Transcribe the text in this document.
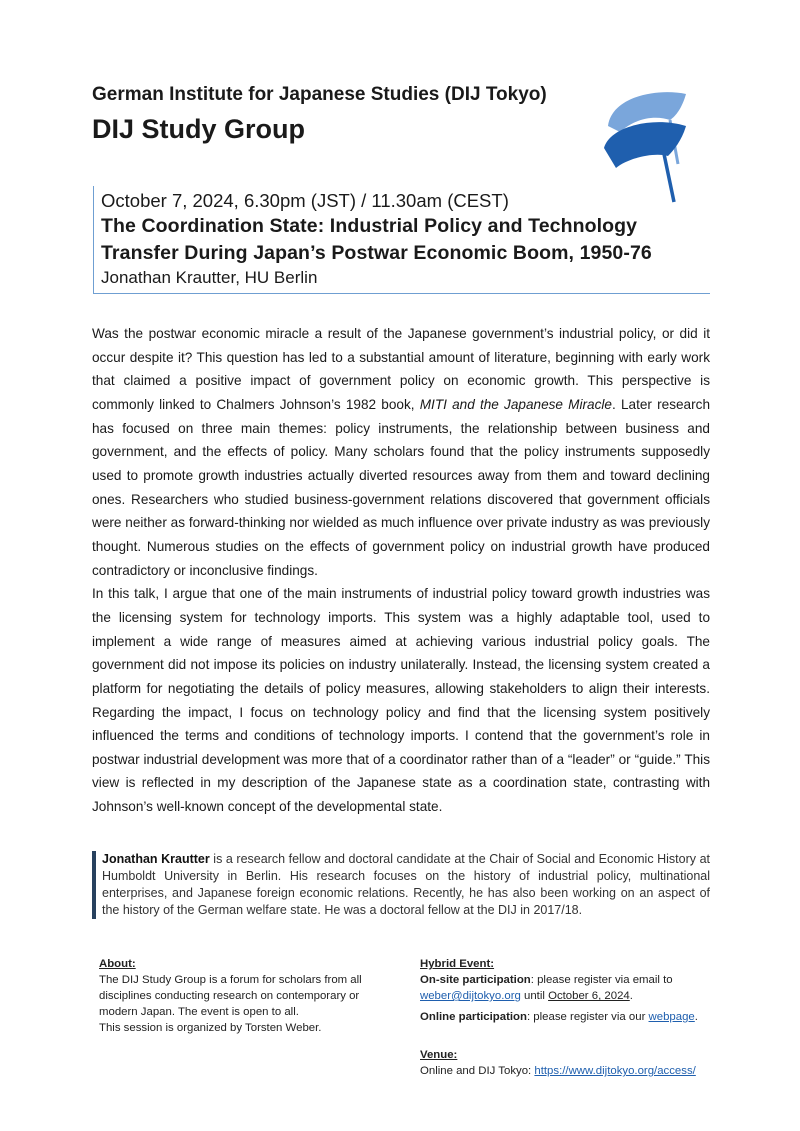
German Institute for Japanese Studies (DIJ Tokyo)
DIJ Study Group
October 7, 2024, 6.30pm (JST) / 11.30am (CEST)
The Coordination State: Industrial Policy and Technology
Transfer During Japan’s Postwar Economic Boom, 1950-76
Jonathan Krautter, HU Berlin

Was the postwar economic miracle a result of the Japanese government’s industrial policy, or did it occur despite it? This question has led to a substantial amount of literature, beginning with early work that claimed a positive impact of government policy on economic growth. This perspective is commonly linked to Chalmers Johnson’s 1982 book, MITI and the Japanese Miracle. Later research has focused on three main themes: policy instruments, the relationship between business and government, and the effects of policy. Many scholars found that the policy instruments supposedly used to promote growth industries actually diverted resources away from them and toward declining ones. Researchers who studied business-government relations discovered that government officials were neither as forward-thinking nor wielded as much influence over private industry as was previously thought. Numerous studies on the effects of government policy on industrial growth have produced contradictory or inconclusive findings.

In this talk, I argue that one of the main instruments of industrial policy toward growth industries was the licensing system for technology imports. This system was a highly adaptable tool, used to implement a wide range of measures aimed at achieving various industrial policy goals. The government did not impose its policies on industry unilaterally. Instead, the licensing system created a platform for negotiating the details of policy measures, allowing stakeholders to align their interests. Regarding the impact, I focus on technology policy and find that the licensing system positively influenced the terms and conditions of technology imports. I contend that the government’s role in postwar industrial development was more that of a coordinator rather than of a “leader” or “guide.” This view is reflected in my description of the Japanese state as a coordination state, contrasting with Johnson’s well-known concept of the developmental state.

Jonathan Krautter is a research fellow and doctoral candidate at the Chair of Social and Economic History at Humboldt University in Berlin. His research focuses on the history of industrial policy, multinational enterprises, and Japanese foreign economic relations. Recently, he has also been working on an aspect of the history of the German welfare state. He was a doctoral fellow at the DIJ in 2017/18.
About:
The DIJ Study Group is a forum for scholars from all disciplines conducting research on contemporary or modern Japan. The event is open to all.
This session is organized by Torsten Weber.
Hybrid Event:
On-site participation: please register via email to
weber@dijtokyo.org until October 6, 2024.
Online participation: please register via our webpage.
Venue:
Online and DIJ Tokyo: https://www.dijtokyo.org/access/
